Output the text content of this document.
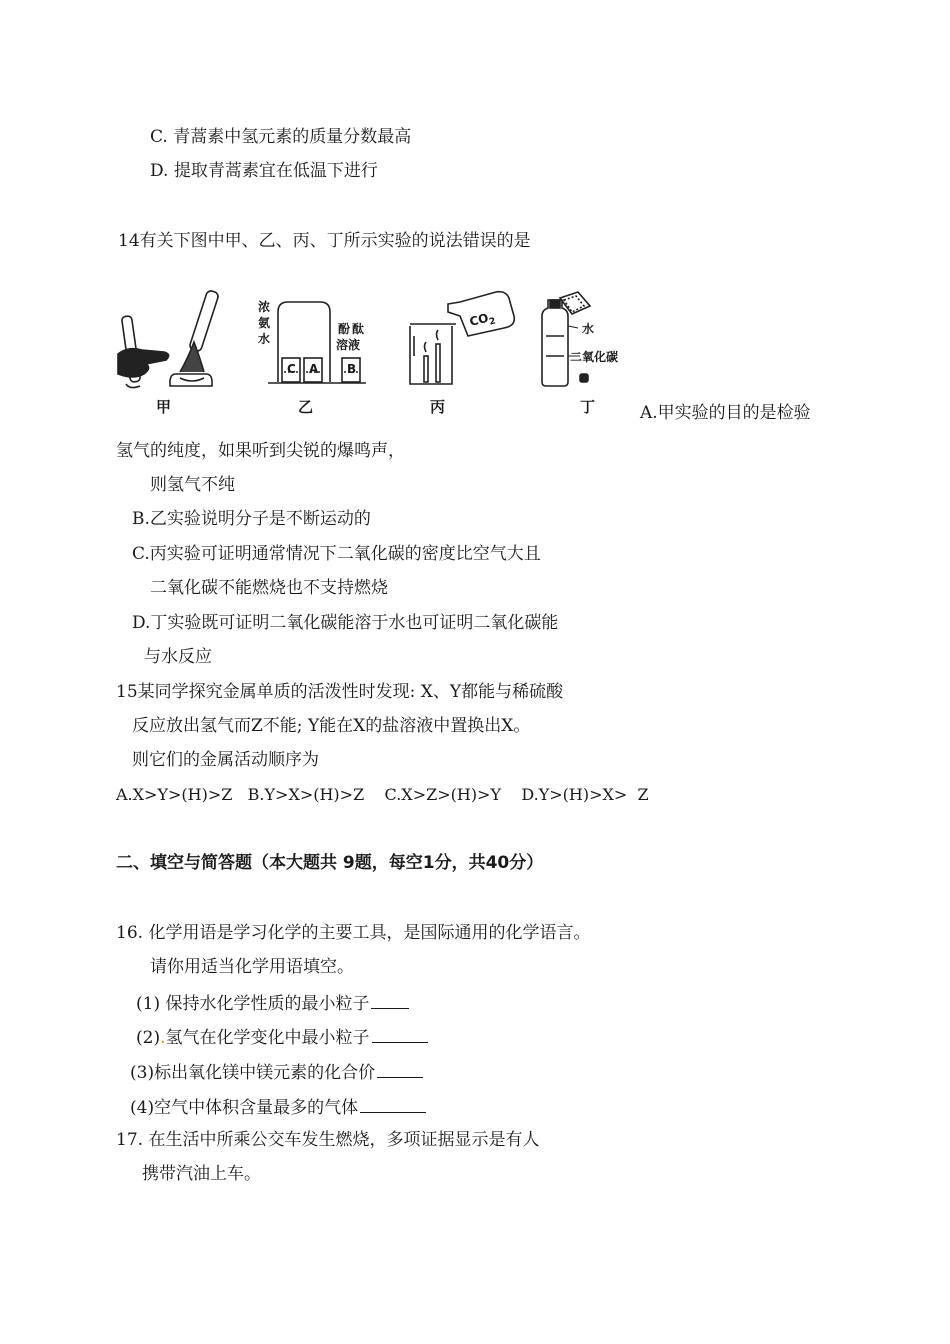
C. 青蒿素中氢元素的质量分数最高
D. 提取青蒿素宜在低温下进行
14有关下图中甲、乙、丙、丁所示实验的说法错误的是
浓
氨
水
酚 酞
溶液
C A B
$CO_2$	水
二氧化碳
甲	乙	丙	丁	A.甲实验的目的是检验
氢气的纯度，如果听到尖锐的爆鸣声，
则氢气不纯
B.乙实验说明分子是不断运动的
C.丙实验可证明通常情况下二氧化碳的密度比空气大且
二氧化碳不能燃烧也不支持燃烧
D.丁实验既可证明二氧化碳能溶于水也可证明二氧化碳能
与水反应
15某同学探究金属单质的活泼性时发现: X、Y都能与稀硫酸
反应放出氢气而Z不能; Y能在X的盐溶液中置换出X。
则它们的金属活动顺序为
A.X>Y>(H)>Z   B.Y>X>(H)>Z    C.X>Z>(H)>Y    D.Y>(H)>X>  Z
二、填空与简答题（本大题共 9题，每空1分，共40分）
16. 化学用语是学习化学的主要工具，是国际通用的化学语言。
请你用适当化学用语填空。
(1) 保持水化学性质的最小粒子
(2).氢气在化学变化中最小粒子
(3)标出氧化镁中镁元素的化合价
(4)空气中体积含量最多的气体
17. 在生活中所乘公交车发生燃烧，多项证据显示是有人
携带汽油上车。
